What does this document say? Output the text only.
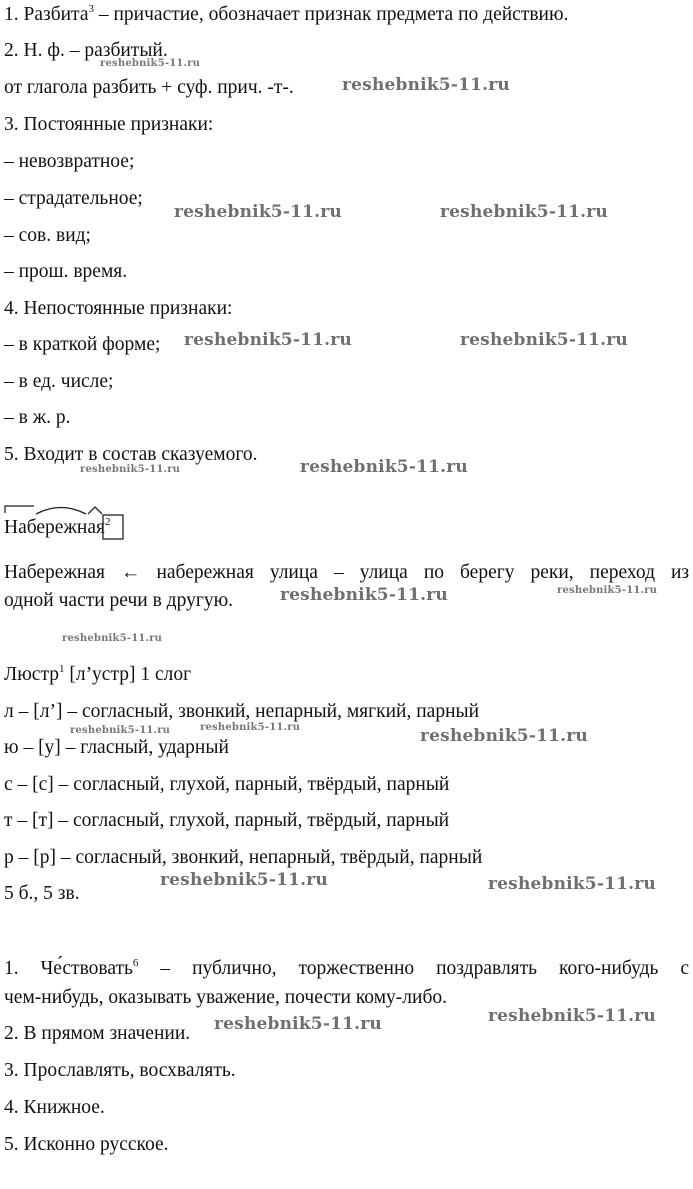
1. Разбита$^3$ – причастие, обозначает признак предмета по действию.
2. Н. ф. – разбитый.
от глагола разбить + суф. прич. -т-.
3. Постоянные признаки:
– невозвратное;
– страдательное;
– сов. вид;
– прош. время.
4. Непостоянные признаки:
– в краткой форме;
– в ед. числе;
– в ж. р.
5. Входит в состав сказуемого.
Набережная$^2$
Набережная ← набережная улица – улица по берегу реки, переход из
одной части речи в другую.
Люстр$^1$ [л’устр] 1 слог
л – [л’] – согласный, звонкий, непарный, мягкий, парный
ю – [у] – гласный, ударный
с – [с] – согласный, глухой, парный, твёрдый, парный
т – [т] – согласный, глухой, парный, твёрдый, парный
р – [р] – согласный, звонкий, непарный, твёрдый, парный
5 б., 5 зв.
1. Че́ствовать$^6$ – публично, торжественно поздравлять кого-нибудь с
чем-нибудь, оказывать уважение, почести кому-либо.
2. В прямом значении.
3. Прославлять, восхвалять.
4. Книжное.
5. Исконно русское.
reshebnik5-11.ru
reshebnik5-11.ru
reshebnik5-11.ru	reshebnik5-11.ru
reshebnik5-11.ru	reshebnik5-11.ru
reshebnik5-11.ru	reshebnik5-11.ru
reshebnik5-11.ru
reshebnik5-11.ru
reshebnik5-11.ru
reshebnik5-11.ru	reshebnik5-11.ru	reshebnik5-11.ru
reshebnik5-11.ru	reshebnik5-11.ru
reshebnik5-11.ru	reshebnik5-11.ru
